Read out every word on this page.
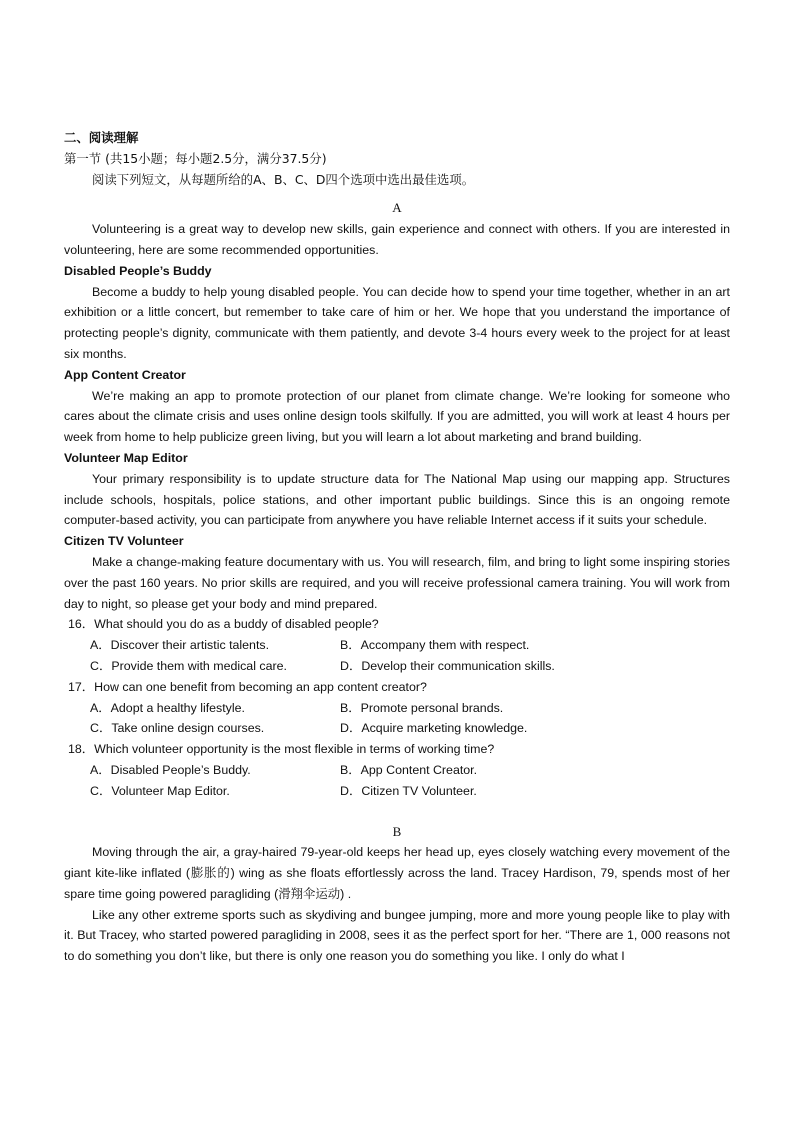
二、阅读理解
第一节 (共15小题；每小题2.5分，满分37.5分)
阅读下列短文，从每题所给的A、B、C、D四个选项中选出最佳选项。
A

Volunteering is a great way to develop new skills, gain experience and connect with others. If you are interested in volunteering, here are some recommended opportunities.

Disabled People’s Buddy

Become a buddy to help young disabled people. You can decide how to spend your time together, whether in an art exhibition or a little concert, but remember to take care of him or her. We hope that you understand the importance of protecting people’s dignity, communicate with them patiently, and devote 3-4 hours every week to the project for at least six months.

App Content Creator

We’re making an app to promote protection of our planet from climate change. We’re looking for someone who cares about the climate crisis and uses online design tools skilfully. If you are admitted, you will work at least 4 hours per week from home to help publicize green living, but you will learn a lot about marketing and brand building.

Volunteer Map Editor

Your primary responsibility is to update structure data for The National Map using our mapping app. Structures include schools, hospitals, police stations, and other important public buildings. Since this is an ongoing remote computer-based activity, you can participate from anywhere you have reliable Internet access if it suits your schedule.

Citizen TV Volunteer

Make a change-making feature documentary with us. You will research, film, and bring to light some inspiring stories over the past 160 years. No prior skills are required, and you will receive professional camera training. You will work from day to night, so please get your body and mind prepared.

16．What should you do as a buddy of disabled people?
A．Discover their artistic talents.	B．Accompany them with respect.
C．Provide them with medical care.	D．Develop their communication skills.
17．How can one benefit from becoming an app content creator?
A．Adopt a healthy lifestyle.	B．Promote personal brands.
C．Take online design courses.	D．Acquire marketing knowledge.
18．Which volunteer opportunity is the most flexible in terms of working time?
A．Disabled People’s Buddy.	B．App Content Creator.
C．Volunteer Map Editor.	D．Citizen TV Volunteer.
B

Moving through the air, a gray-haired 79-year-old keeps her head up, eyes closely watching every movement of the giant kite-like inflated (膨胀的) wing as she floats effortlessly across the land. Tracey Hardison, 79, spends most of her spare time going powered paragliding (滑翔伞运动) .

Like any other extreme sports such as skydiving and bungee jumping, more and more young people like to play with it. But Tracey, who started powered paragliding in 2008, sees it as the perfect sport for her. “There are 1, 000 reasons not to do something you don’t like, but there is only one reason you do something you like. I only do what I
